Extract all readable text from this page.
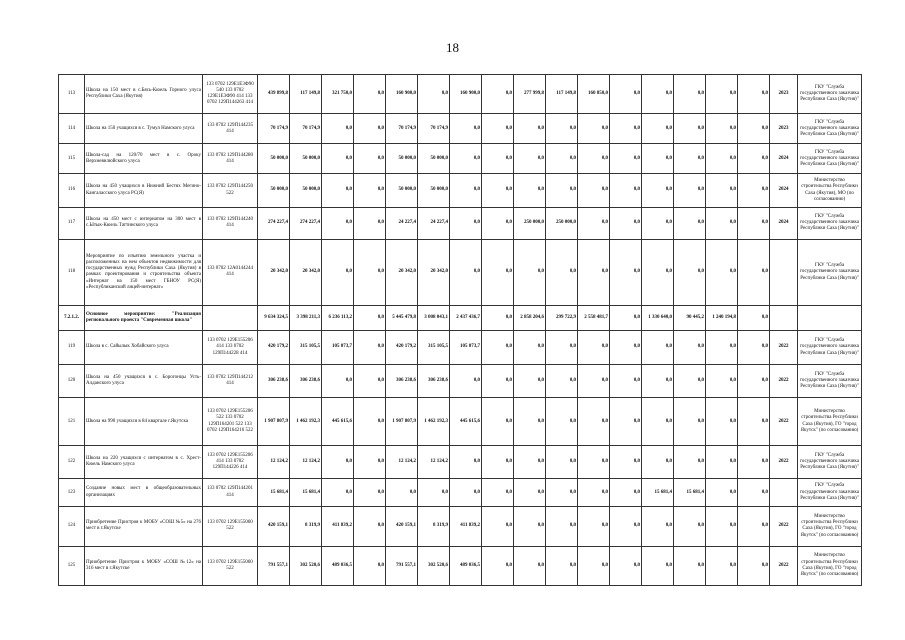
18
113	Школа на 150 мест в с.Бясь-Кюель Горного улуса Республики Саха (Якутия)	133 0702 129E1Е3Ф90 540 133 0702 129E1Е3Ф90 414 133 0702 129П144263 414	439 899,8	117 149,8	321 750,0	0,0	160 900,0	0,0	160 900,0	0,0	277 999,8	117 149,8	160 850,0	0,0	0,0	0,0	0,0	0,0	2023	ГКУ "Служба государственного заказчика Республики Саха (Якутия)"
114	Школа на 150 учащихся в с. Тумул Намского улуса	133 0702 129П144235 414	70 174,9	70 174,9	0,0	0,0	70 174,9	70 174,9	0,0	0,0	0,0	0,0	0,0	0,0	0,0	0,0	0,0	0,0	2023	ГКУ "Служба государственного заказчика Республики Саха (Якутия)"
115	Школа-сад на 120/70 мест в с. Ороку Верхневилюйского улуса	133 0702 129П144280 414	50 000,0	50 000,0	0,0	0,0	50 000,0	50 000,0	0,0	0,0	0,0	0,0	0,0	0,0	0,0	0,0	0,0	0,0	2024	ГКУ "Служба государственного заказчика Республики Саха (Якутия)"
116	Школа на 450 учащихся в Нижний Бестях Мегино-Кангаласского улуса РС(Я)	133 0702 129П144250 522	50 000,0	50 000,0	0,0	0,0	50 000,0	50 000,0	0,0	0,0	0,0	0,0	0,0	0,0	0,0	0,0	0,0	0,0	2024	Министерство строительства Республики Саха (Якутия), МО (по согласованию)
117	Школа на 450 мест с интернатом на 300 мест в с.Ытык-Кюель Таттинского улуса	133 0702 129П144240 414	274 227,4	274 227,4	0,0	0,0	24 227,4	24 227,4	0,0	0,0	250 000,0	250 000,0	0,0	0,0	0,0	0,0	0,0	0,0	2024	ГКУ "Служба государственного заказчика Республики Саха (Якутия)"
118	Мероприятие по изъятию земельного участка и расположенных на нем объектов недвижимости для государственных нужд Республики Саха (Якутия) в рамках проектирования и строительства объекта «Интернат на 150 мест ГБНОУ РС(Я) «Республиканский лицей-интернат»	133 0702 12А0144244 414	20 342,0	20 342,0	0,0	0,0	20 342,0	20 342,0	0,0	0,0	0,0	0,0	0,0	0,0	0,0	0,0	0,0	0,0		ГКУ "Служба государственного заказчика Республики Саха (Якутия)"
7.2.1.2.	Основное мероприятие: "Реализация регионального проекта "Современная школа"		9 634 324,5	3 398 211,3	6 236 113,2	0,0	5 445 479,8	3 008 043,1	2 437 436,7	0,0	2 858 204,6	299 722,9	2 558 481,7	0,0	1 330 640,0	90 445,2	1 240 194,8	0,0		
119	Школа в с. Сайылык Хобайского улуса	133 0702 129E155206 414 133 0702 129П144228 414	420 179,2	315 105,5	105 073,7	0,0	420 179,2	315 105,5	105 073,7	0,0	0,0	0,0	0,0	0,0	0,0	0,0	0,0	0,0	2022	ГКУ "Служба государственного заказчика Республики Саха (Якутия)"
120	Школа на 450 учащихся в с. Борогонцы Усть-Алданского улуса	133 0702 129П144212 414	306 238,6	306 238,6	0,0	0,0	306 238,6	306 238,6	0,0	0,0	0,0	0,0	0,0	0,0	0,0	0,0	0,0	0,0	2022	ГКУ "Служба государственного заказчика Республики Саха (Якутия)"
121	Школа на 990 учащихся в 84 квартале г.Якутска	133 0702 129E155206 522 133 0702 129П164201 522 133 0702 129П164216 522	1 907 807,9	1 462 192,3	445 615,6	0,0	1 907 807,9	1 462 192,3	445 615,6	0,0	0,0	0,0	0,0	0,0	0,0	0,0	0,0	0,0	2022	Министерство строительства Республики Саха (Якутия), ГО "город Якутск" (по согласованию)
122	Школа на 220 учащихся с интернатом в с. Хрест-Кюель Намского улуса	133 0702 129E155206 414 133 0702 129П144226 414	12 124,2	12 124,2	0,0	0,0	12 124,2	12 124,2	0,0	0,0	0,0	0,0	0,0	0,0	0,0	0,0	0,0	0,0	2022	ГКУ "Служба государственного заказчика Республики Саха (Якутия)"
123	Создание новых мест в общеобразовательных организациях	133 0702 129П144201 414	15 681,4	15 681,4	0,0	0,0	0,0	0,0	0,0	0,0	0,0	0,0	0,0	0,0	15 681,4	15 681,4	0,0	0,0		ГКУ "Служба государственного заказчика Республики Саха (Якутия)"
124	Приобретение Пристроя к МОБУ «СОШ №5» на 276 мест в г.Якутске	133 0702 129E155060 522	420 159,1	8 319,9	411 839,2	0,0	420 159,1	8 319,9	411 839,2	0,0	0,0	0,0	0,0	0,0	0,0	0,0	0,0	0,0	2022	Министерство строительства Республики Саха (Якутия), ГО "город Якутск" (по согласованию)
125	Приобретение Пристроя к МОБУ «СОШ №12» на 316 мест в г.Якутске	133 0702 129E155060 522	791 557,1	302 520,6	489 036,5	0,0	791 557,1	302 520,6	489 036,5	0,0	0,0	0,0	0,0	0,0	0,0	0,0	0,0	0,0	2022	Министерство строительства Республики Саха (Якутия), ГО "город Якутск" (по согласованию)
